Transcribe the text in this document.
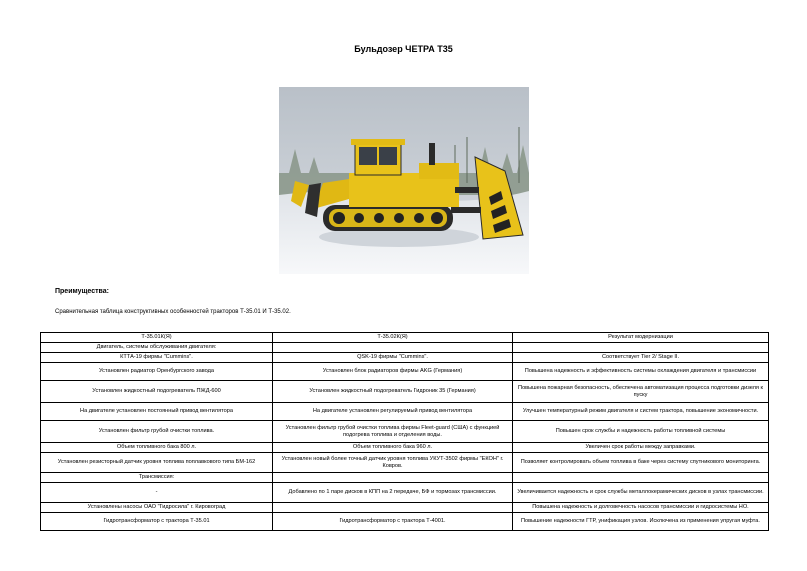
Бульдозер ЧЕТРА Т35
Преимущества:
Сравнительная таблица конструктивных особенностей тракторов Т-35.01 И Т-35.02.
Т-35.01К(Я)	Т-35.02К(Я)	Результат модернизации
Двигатель, системы обслуживания двигателя:		
КТТА-19 фирмы "Cummins".	QSK-19 фирмы "Cummins".	Соответствует Tier 2/ Stage II.
Установлен радиатор Оренбургского завода	Установлен блок радиаторов фирмы AKG (Германия)	Повышена надежность и эффективность системы охлаждения двигателя и трансмиссии
Установлен жидкостный подогреватель ПЖД-600	Установлен жидкостный подогреватель Гидроник 35 (Германия)	Повышена пожарная безопасность, обеспечена автоматизация процесса подготовки дизеля к пуску
На двигателе установлен постоянный привод вентилятора	На двигателе установлен регулируемый привод вентилятора	Улучшен температурный режим двигателя и систем трактора, повышение экономичности.
Установлен фильтр грубой очистки топлива.	Установлен фильтр грубой очистки топлива фирмы Fleet-guard (США) с функцией подогрева топлива и отделения воды.	Повышен срок службы и надежность работы топливной системы
Объем топливного бака 800 л.	Объем топливного бака 960 л.	Увеличен срок работы между заправками.
Установлен резисторный датчик уровня топлива поплавкового типа БМ-162	Установлен новый более точный датчик уровня топлива УКУТ-3502 фирмы "ЕКОН" г. Ковров.	Позволяет контролировать объем топлива в баке через систему спутникового мониторинга.
Трансмиссия:		
-	Добавлено по 1 паре дисков в КПП на 2 передаче, БФ и тормозах трансмиссии.	Увеличивается надежность и срок службы металлокерамических дисков в узлах трансмиссии.
Установлены насосы ОАО "Гидросила" г. Кировоград		Повышена надежность и долговечность насосов трансмиссии и гидросистемы НО.
Гидротрансформатор с трактора Т-35.01	Гидротрансформатор с трактора Т-4001.	Повышение надежности ГТР, унификация узлов. Исключена из применения упругая муфта.
